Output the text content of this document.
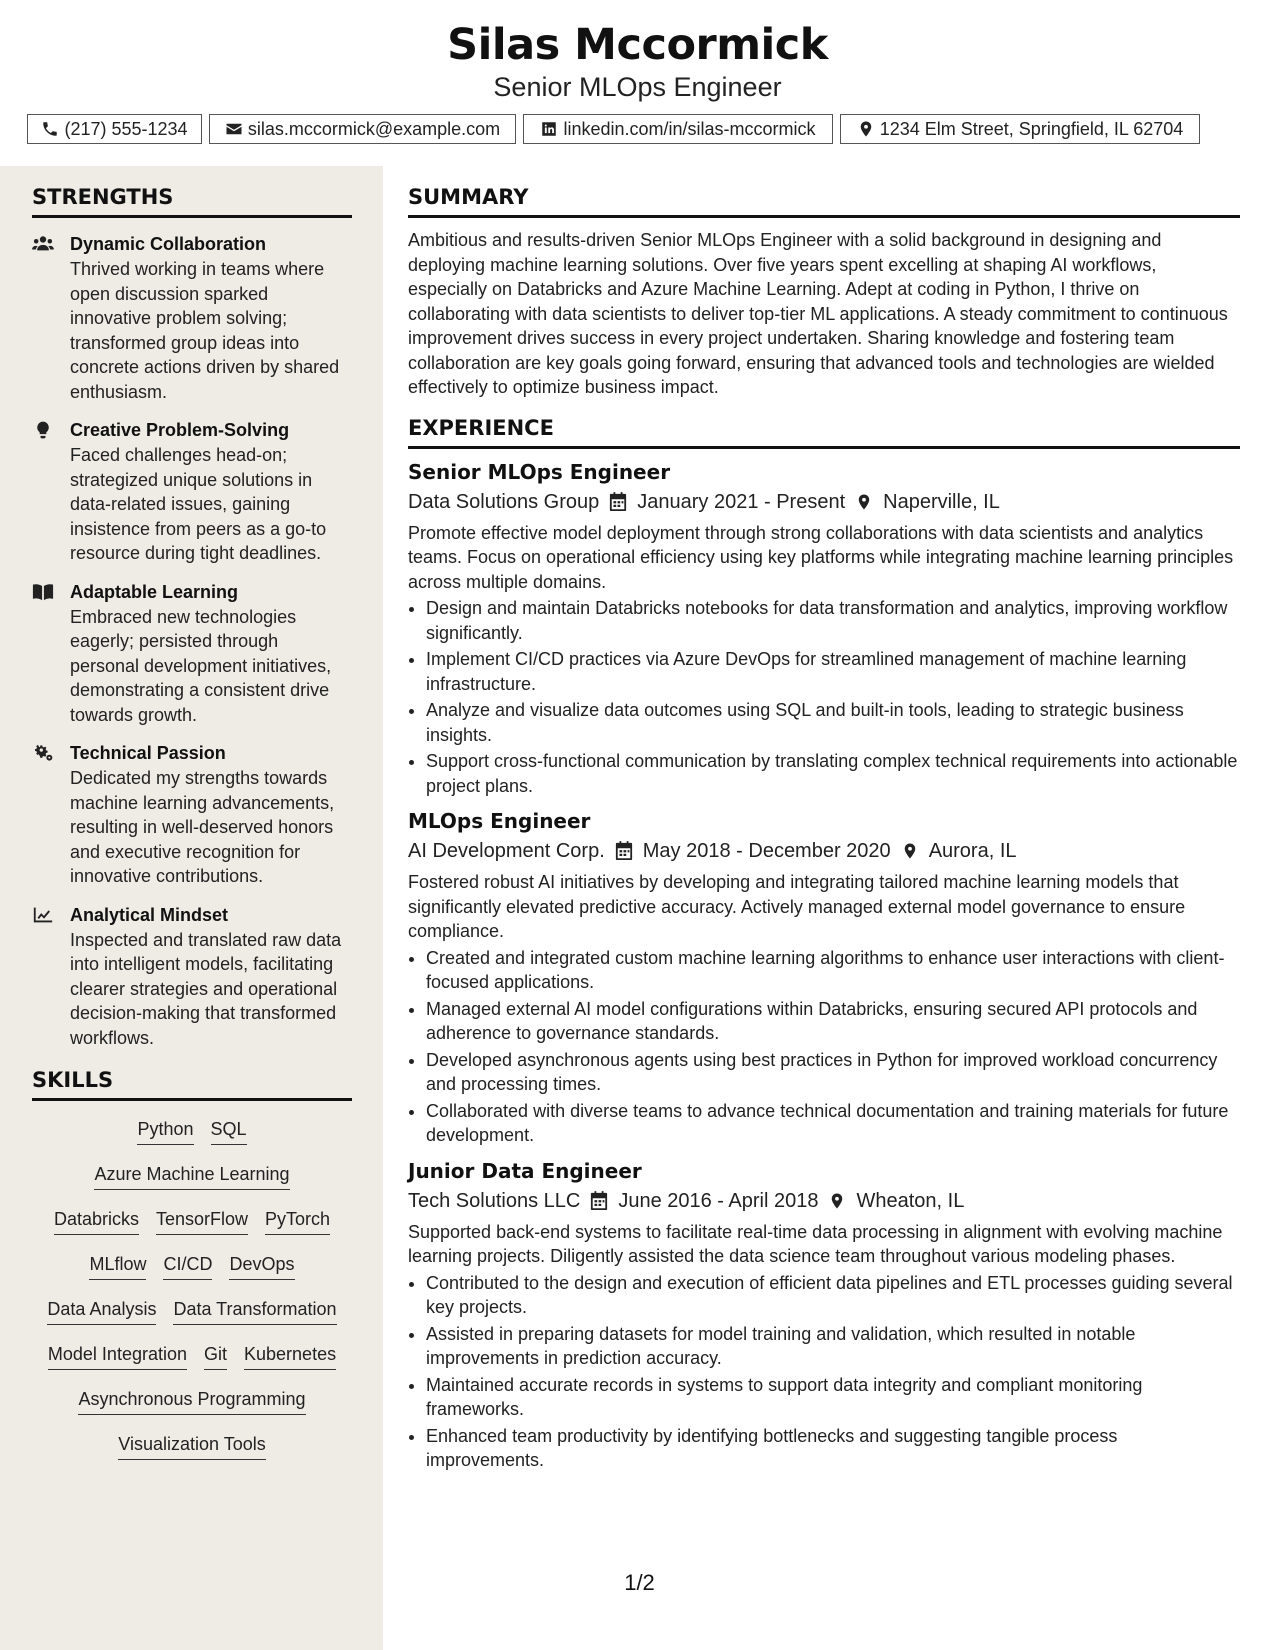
Silas Mccormick
Senior MLOps Engineer
(217) 555-1234	silas.mccormick@example.com	linkedin.com/in/silas-mccormick	1234 Elm Street, Springfield, IL 62704
STRENGTHS
Dynamic Collaboration
Thrived working in teams where open discussion sparked innovative problem solving; transformed group ideas into concrete actions driven by shared enthusiasm.
Creative Problem-Solving
Faced challenges head-on; strategized unique solutions in data-related issues, gaining insistence from peers as a go-to resource during tight deadlines.
Adaptable Learning
Embraced new technologies eagerly; persisted through personal development initiatives, demonstrating a consistent drive towards growth.
Technical Passion
Dedicated my strengths towards machine learning advancements, resulting in well-deserved honors and executive recognition for innovative contributions.
Analytical Mindset
Inspected and translated raw data into intelligent models, facilitating clearer strategies and operational decision-making that transformed workflows.
SKILLS
Python SQL
Azure Machine Learning
Databricks TensorFlow PyTorch
MLflow CI/CD DevOps
Data Analysis Data Transformation
Model Integration Git Kubernetes
Asynchronous Programming
Visualization Tools
SUMMARY
Ambitious and results-driven Senior MLOps Engineer with a solid background in designing and deploying machine learning solutions. Over five years spent excelling at shaping AI workflows, especially on Databricks and Azure Machine Learning. Adept at coding in Python, I thrive on collaborating with data scientists to deliver top-tier ML applications. A steady commitment to continuous improvement drives success in every project undertaken. Sharing knowledge and fostering team collaboration are key goals going forward, ensuring that advanced tools and technologies are wielded effectively to optimize business impact.
EXPERIENCE
Senior MLOps Engineer
Data Solutions Group January 2021 - Present Naperville, IL
Promote effective model deployment through strong collaborations with data scientists and analytics teams. Focus on operational efficiency using key platforms while integrating machine learning principles across multiple domains.
• Design and maintain Databricks notebooks for data transformation and analytics, improving workflow significantly.
• Implement CI/CD practices via Azure DevOps for streamlined management of machine learning infrastructure.
• Analyze and visualize data outcomes using SQL and built-in tools, leading to strategic business insights.
• Support cross-functional communication by translating complex technical requirements into actionable project plans.
MLOps Engineer
AI Development Corp. May 2018 - December 2020 Aurora, IL
Fostered robust AI initiatives by developing and integrating tailored machine learning models that significantly elevated predictive accuracy. Actively managed external model governance to ensure compliance.
• Created and integrated custom machine learning algorithms to enhance user interactions with client-focused applications.
• Managed external AI model configurations within Databricks, ensuring secured API protocols and adherence to governance standards.
• Developed asynchronous agents using best practices in Python for improved workload concurrency and processing times.
• Collaborated with diverse teams to advance technical documentation and training materials for future development.
Junior Data Engineer
Tech Solutions LLC June 2016 - April 2018 Wheaton, IL
Supported back-end systems to facilitate real-time data processing in alignment with evolving machine learning projects. Diligently assisted the data science team throughout various modeling phases.
• Contributed to the design and execution of efficient data pipelines and ETL processes guiding several key projects.
• Assisted in preparing datasets for model training and validation, which resulted in notable improvements in prediction accuracy.
• Maintained accurate records in systems to support data integrity and compliant monitoring frameworks.
• Enhanced team productivity by identifying bottlenecks and suggesting tangible process improvements.
1/2
